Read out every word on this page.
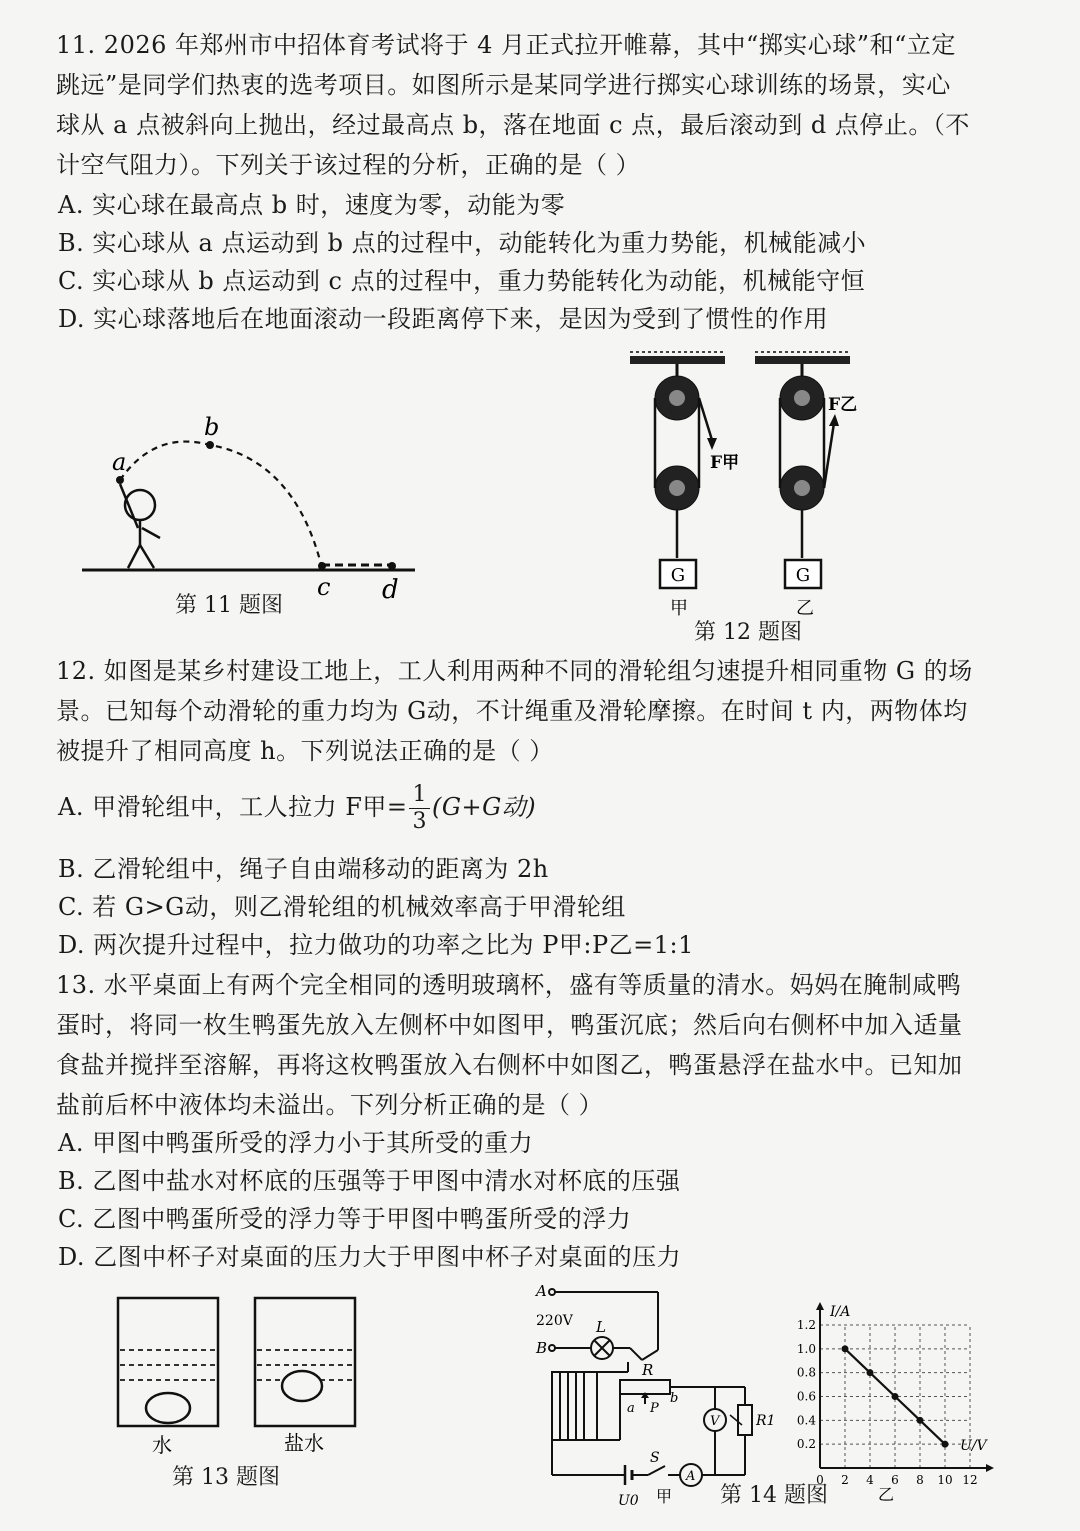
11. 2026 年郑州市中招体育考试将于 4 月正式拉开帷幕，其中“掷实心球”和“立定
跳远”是同学们热衷的选考项目。如图所示是某同学进行掷实心球训练的场景，实心
球从 a 点被斜向上抛出，经过最高点 b，落在地面 c 点，最后滚动到 d 点停止。（不
计空气阻力）。下列关于该过程的分析，正确的是（ ）
A. 实心球在最高点 b 时，速度为零，动能为零
B. 实心球从 a 点运动到 b 点的过程中，动能转化为重力势能，机械能减小
C. 实心球从 b 点运动到 c 点的过程中，重力势能转化为动能，机械能守恒
D. 实心球落地后在地面滚动一段距离停下来，是因为受到了惯性的作用
a
b
c d
第 11 题图
G
F甲
甲
G
F乙
乙
第 12 题图
12. 如图是某乡村建设工地上，工人利用两种不同的滑轮组匀速提升相同重物 G 的场
景。已知每个动滑轮的重力均为 G动，不计绳重及滑轮摩擦。在时间 t 内，两物体均
被提升了相同高度 h。下列说法正确的是（ ）
A. 甲滑轮组中，工人拉力 F甲= $\frac{1}{3} (G+G$动)
B. 乙滑轮组中，绳子自由端移动的距离为 2h
C. 若 G>G动，则乙滑轮组的机械效率高于甲滑轮组
D. 两次提升过程中，拉力做功的功率之比为 P甲:P乙=1:1
13. 水平桌面上有两个完全相同的透明玻璃杯，盛有等质量的清水。妈妈在腌制咸鸭
蛋时，将同一枚生鸭蛋先放入左侧杯中如图甲，鸭蛋沉底；然后向右侧杯中加入适量
食盐并搅拌至溶解，再将这枚鸭蛋放入右侧杯中如图乙，鸭蛋悬浮在盐水中。已知加
盐前后杯中液体均未溢出。下列分析正确的是（ ）
A. 甲图中鸭蛋所受的浮力小于其所受的重力
B. 乙图中盐水对杯底的压强等于甲图中清水对杯底的压强
C. 乙图中鸭蛋所受的浮力等于甲图中鸭蛋所受的浮力
D. 乙图中杯子对桌面的压力大于甲图中杯子对桌面的压力
水	盐水
第 13 题图
A
B
220V L
R
a
b
P
V	R1
A
S
U0 甲 第 14 题图
0 2 4 6 8 10 12
0.2
0.4
0.6
0.8
1.0
1.2
I/A
U/V
乙
